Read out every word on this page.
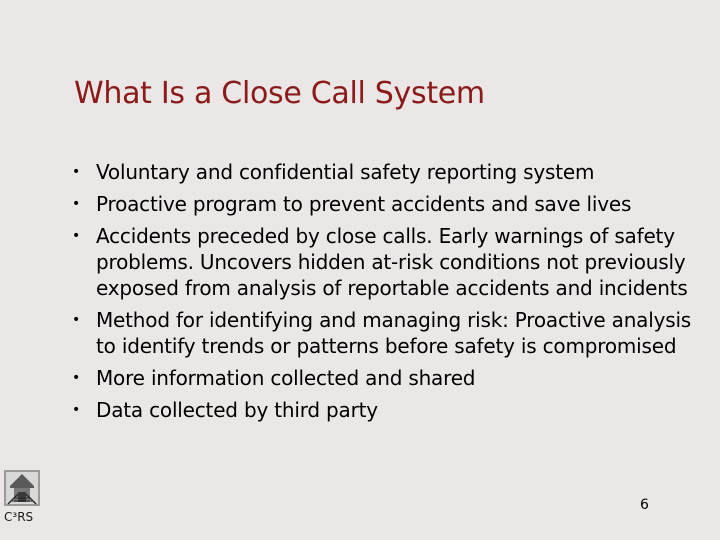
What Is a Close Call System
• Voluntary and confidential safety reporting system
• Proactive program to prevent accidents and save lives
• Accidents preceded by close calls. Early warnings of safety problems. Uncovers hidden at-risk conditions not previously exposed from analysis of reportable accidents and incidents
• Method for identifying and managing risk: Proactive analysis to identify trends or patterns before safety is compromised
• More information collected and shared
• Data collected by third party
6
C³RS
